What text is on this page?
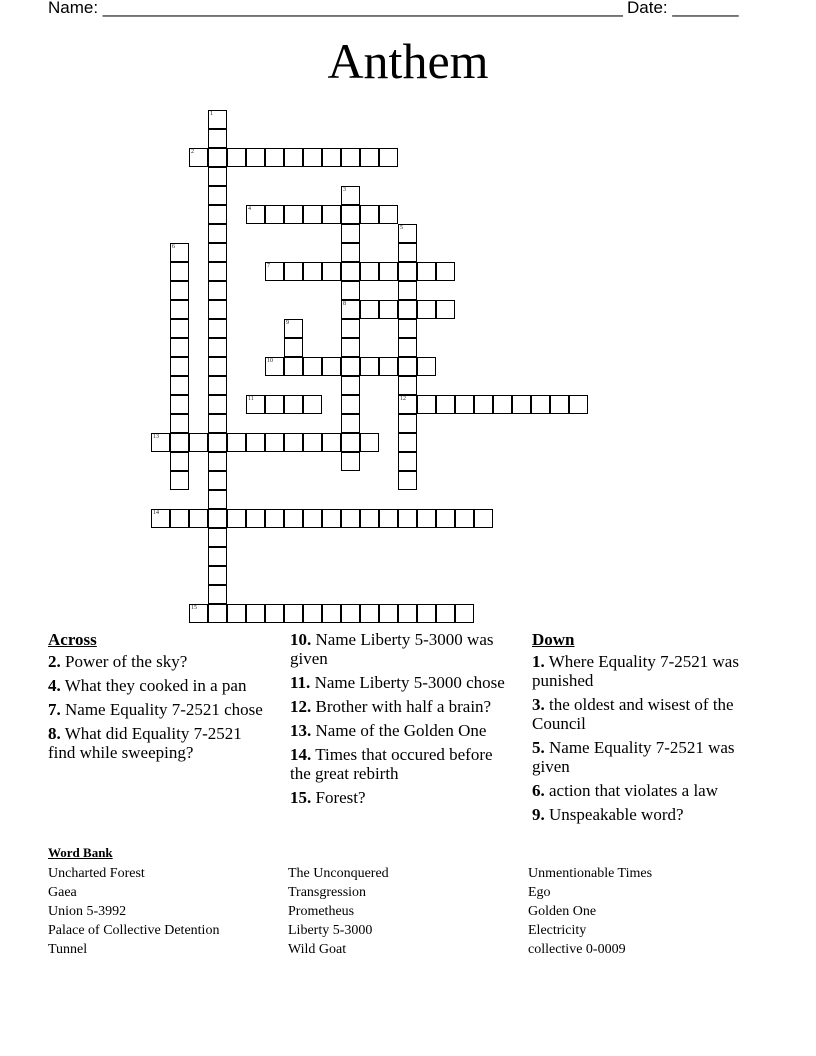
Name: _______________________________________________________ Date: _______
Anthem
1
2
3
8
4
5
12
6
7
9
10
11
13
14
15
Across
2. Power of the sky?
4. What they cooked in a pan
7. Name Equality 7-2521 chose
8. What did Equality 7-2521 find while sweeping?
10. Name Liberty 5-3000 was given
11. Name Liberty 5-3000 chose
12. Brother with half a brain?
13. Name of the Golden One
14. Times that occured before the great rebirth
15. Forest?
Down
1. Where Equality 7-2521 was punished
3. the oldest and wisest of the Council
5. Name Equality 7-2521 was given
6. action that violates a law
9. Unspeakable word?
Word Bank
Uncharted Forest
Gaea
Union 5-3992
Palace of Collective Detention
Tunnel
The Unconquered
Transgression
Prometheus
Liberty 5-3000
Wild Goat
Unmentionable Times
Ego
Golden One
Electricity
collective 0-0009
